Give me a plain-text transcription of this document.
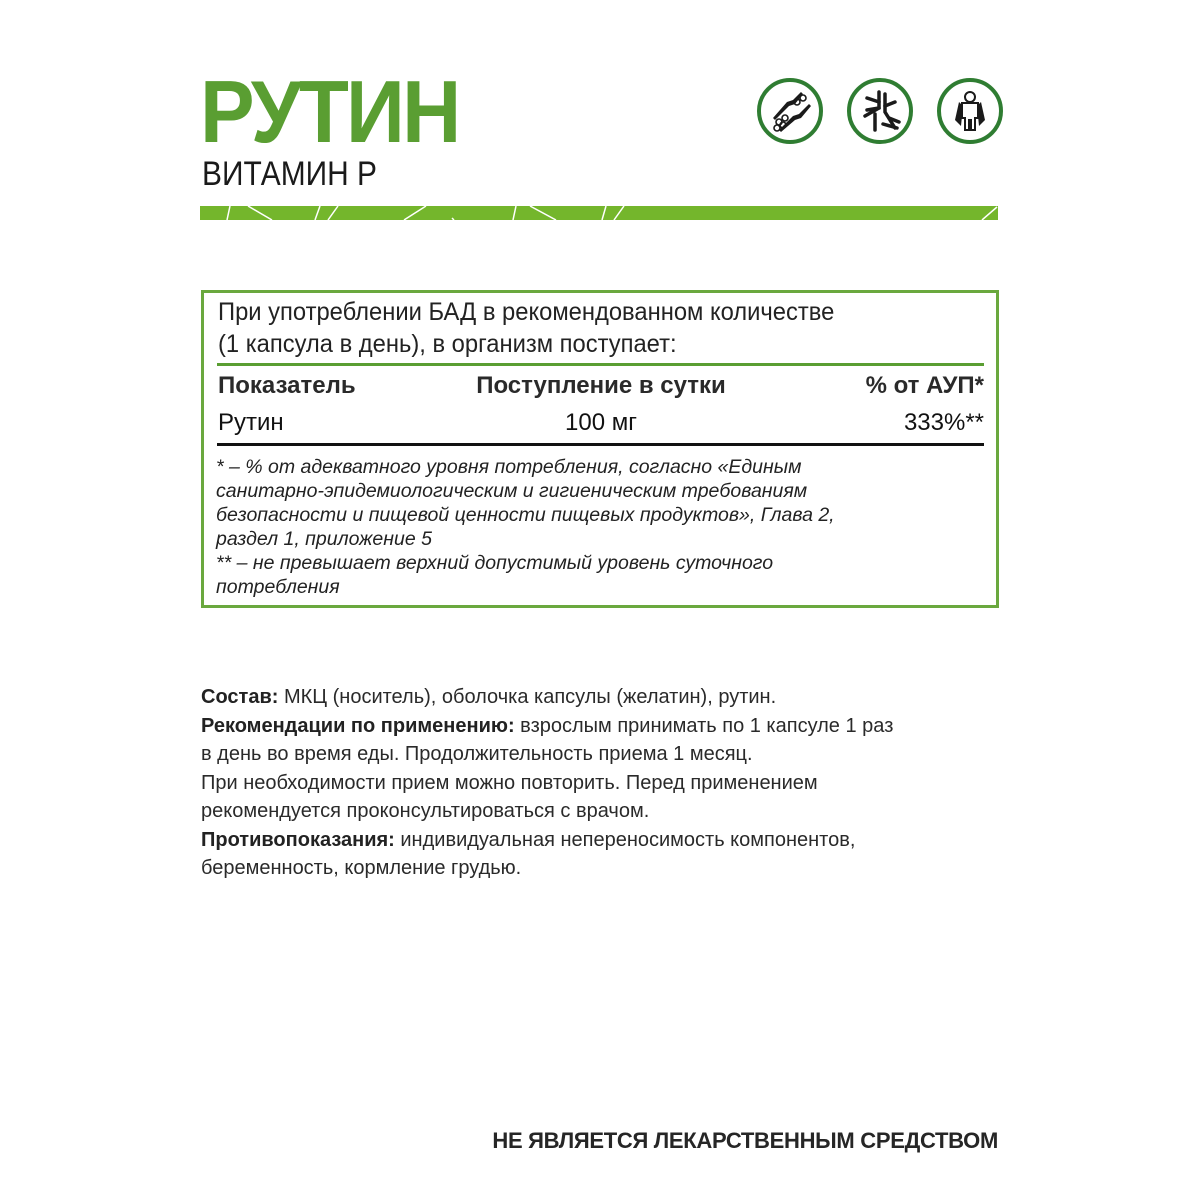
РУТИН
ВИТАМИН P
При употреблении БАД в рекомендованном количестве
(1 капсула в день), в организм поступает:
Показатель	Поступление в сутки	% от АУП*
Рутин	100 мг	333%**
* – % от адекватного уровня потребления, согласно «Единым
санитарно-эпидемиологическим и гигиеническим требованиям
безопасности и пищевой ценности пищевых продуктов», Глава 2,
раздел 1, приложение 5
** – не превышает верхний допустимый уровень суточного
потребления

Состав: МКЦ (носитель), оболочка капсулы (желатин), рутин.

Рекомендации по применению: взрослым принимать по 1 капсуле 1 раз

в день во время еды. Продолжительность приема 1 месяц.

При необходимости прием можно повторить. Перед применением

рекомендуется проконсультироваться с врачом.

Противопоказания: индивидуальная непереносимость компонентов,

беременность, кормление грудью.

НЕ ЯВЛЯЕТСЯ ЛЕКАРСТВЕННЫМ СРЕДСТВОМ
